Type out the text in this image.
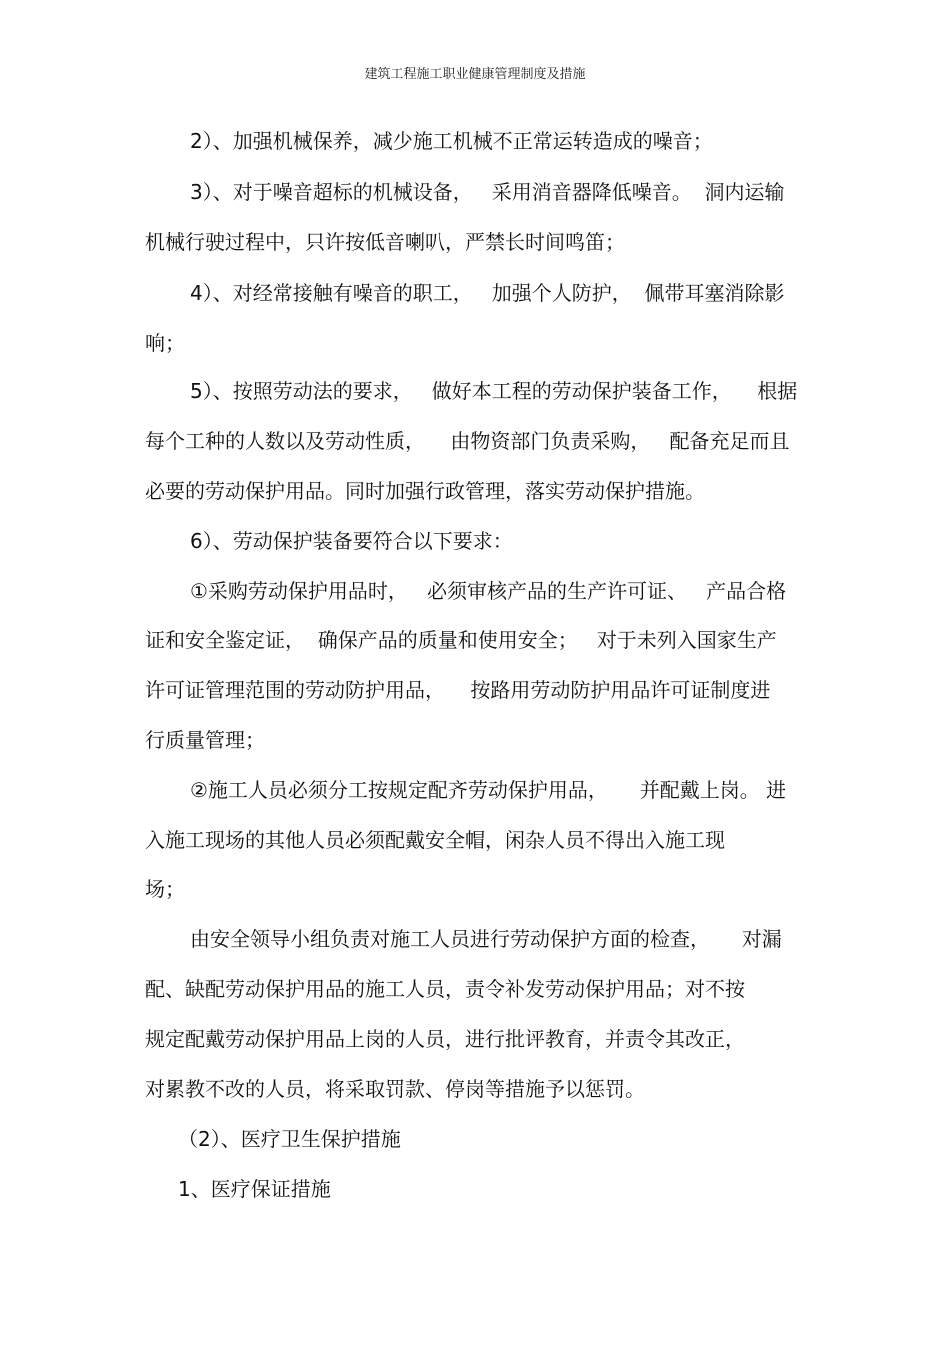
建筑工程施工职业健康管理制度及措施
2）、加强机械保养，减少施工机械不正常运转造成的噪音；
3）、对于噪音超标的机械设备，   采用消音器降低噪音。  洞内运输
机械行驶过程中，只许按低音喇叭，严禁长时间鸣笛；
4）、对经常接触有噪音的职工，   加强个人防护，  佩带耳塞消除影
响；
5）、按照劳动法的要求，   做好本工程的劳动保护装备工作，    根据
每个工种的人数以及劳动性质，    由物资部门负责采购，   配备充足而且
必要的劳动保护用品。同时加强行政管理，落实劳动保护措施。
6）、劳动保护装备要符合以下要求：
①采购劳动保护用品时，   必须审核产品的生产许可证、   产品合格
证和安全鉴定证，  确保产品的质量和使用安全；   对于未列入国家生产
许可证管理范围的劳动防护用品，    按路用劳动防护用品许可证制度进
行质量管理；
②施工人员必须分工按规定配齐劳动保护用品，     并配戴上岗。 进
入施工现场的其他人员必须配戴安全帽，闲杂人员不得出入施工现
场；
由安全领导小组负责对施工人员进行劳动保护方面的检查，     对漏
配、缺配劳动保护用品的施工人员，责令补发劳动保护用品；对不按
规定配戴劳动保护用品上岗的人员，进行批评教育，并责令其改正，
对累教不改的人员，将采取罚款、停岗等措施予以惩罚。
（2）、医疗卫生保护措施
1、医疗保证措施
